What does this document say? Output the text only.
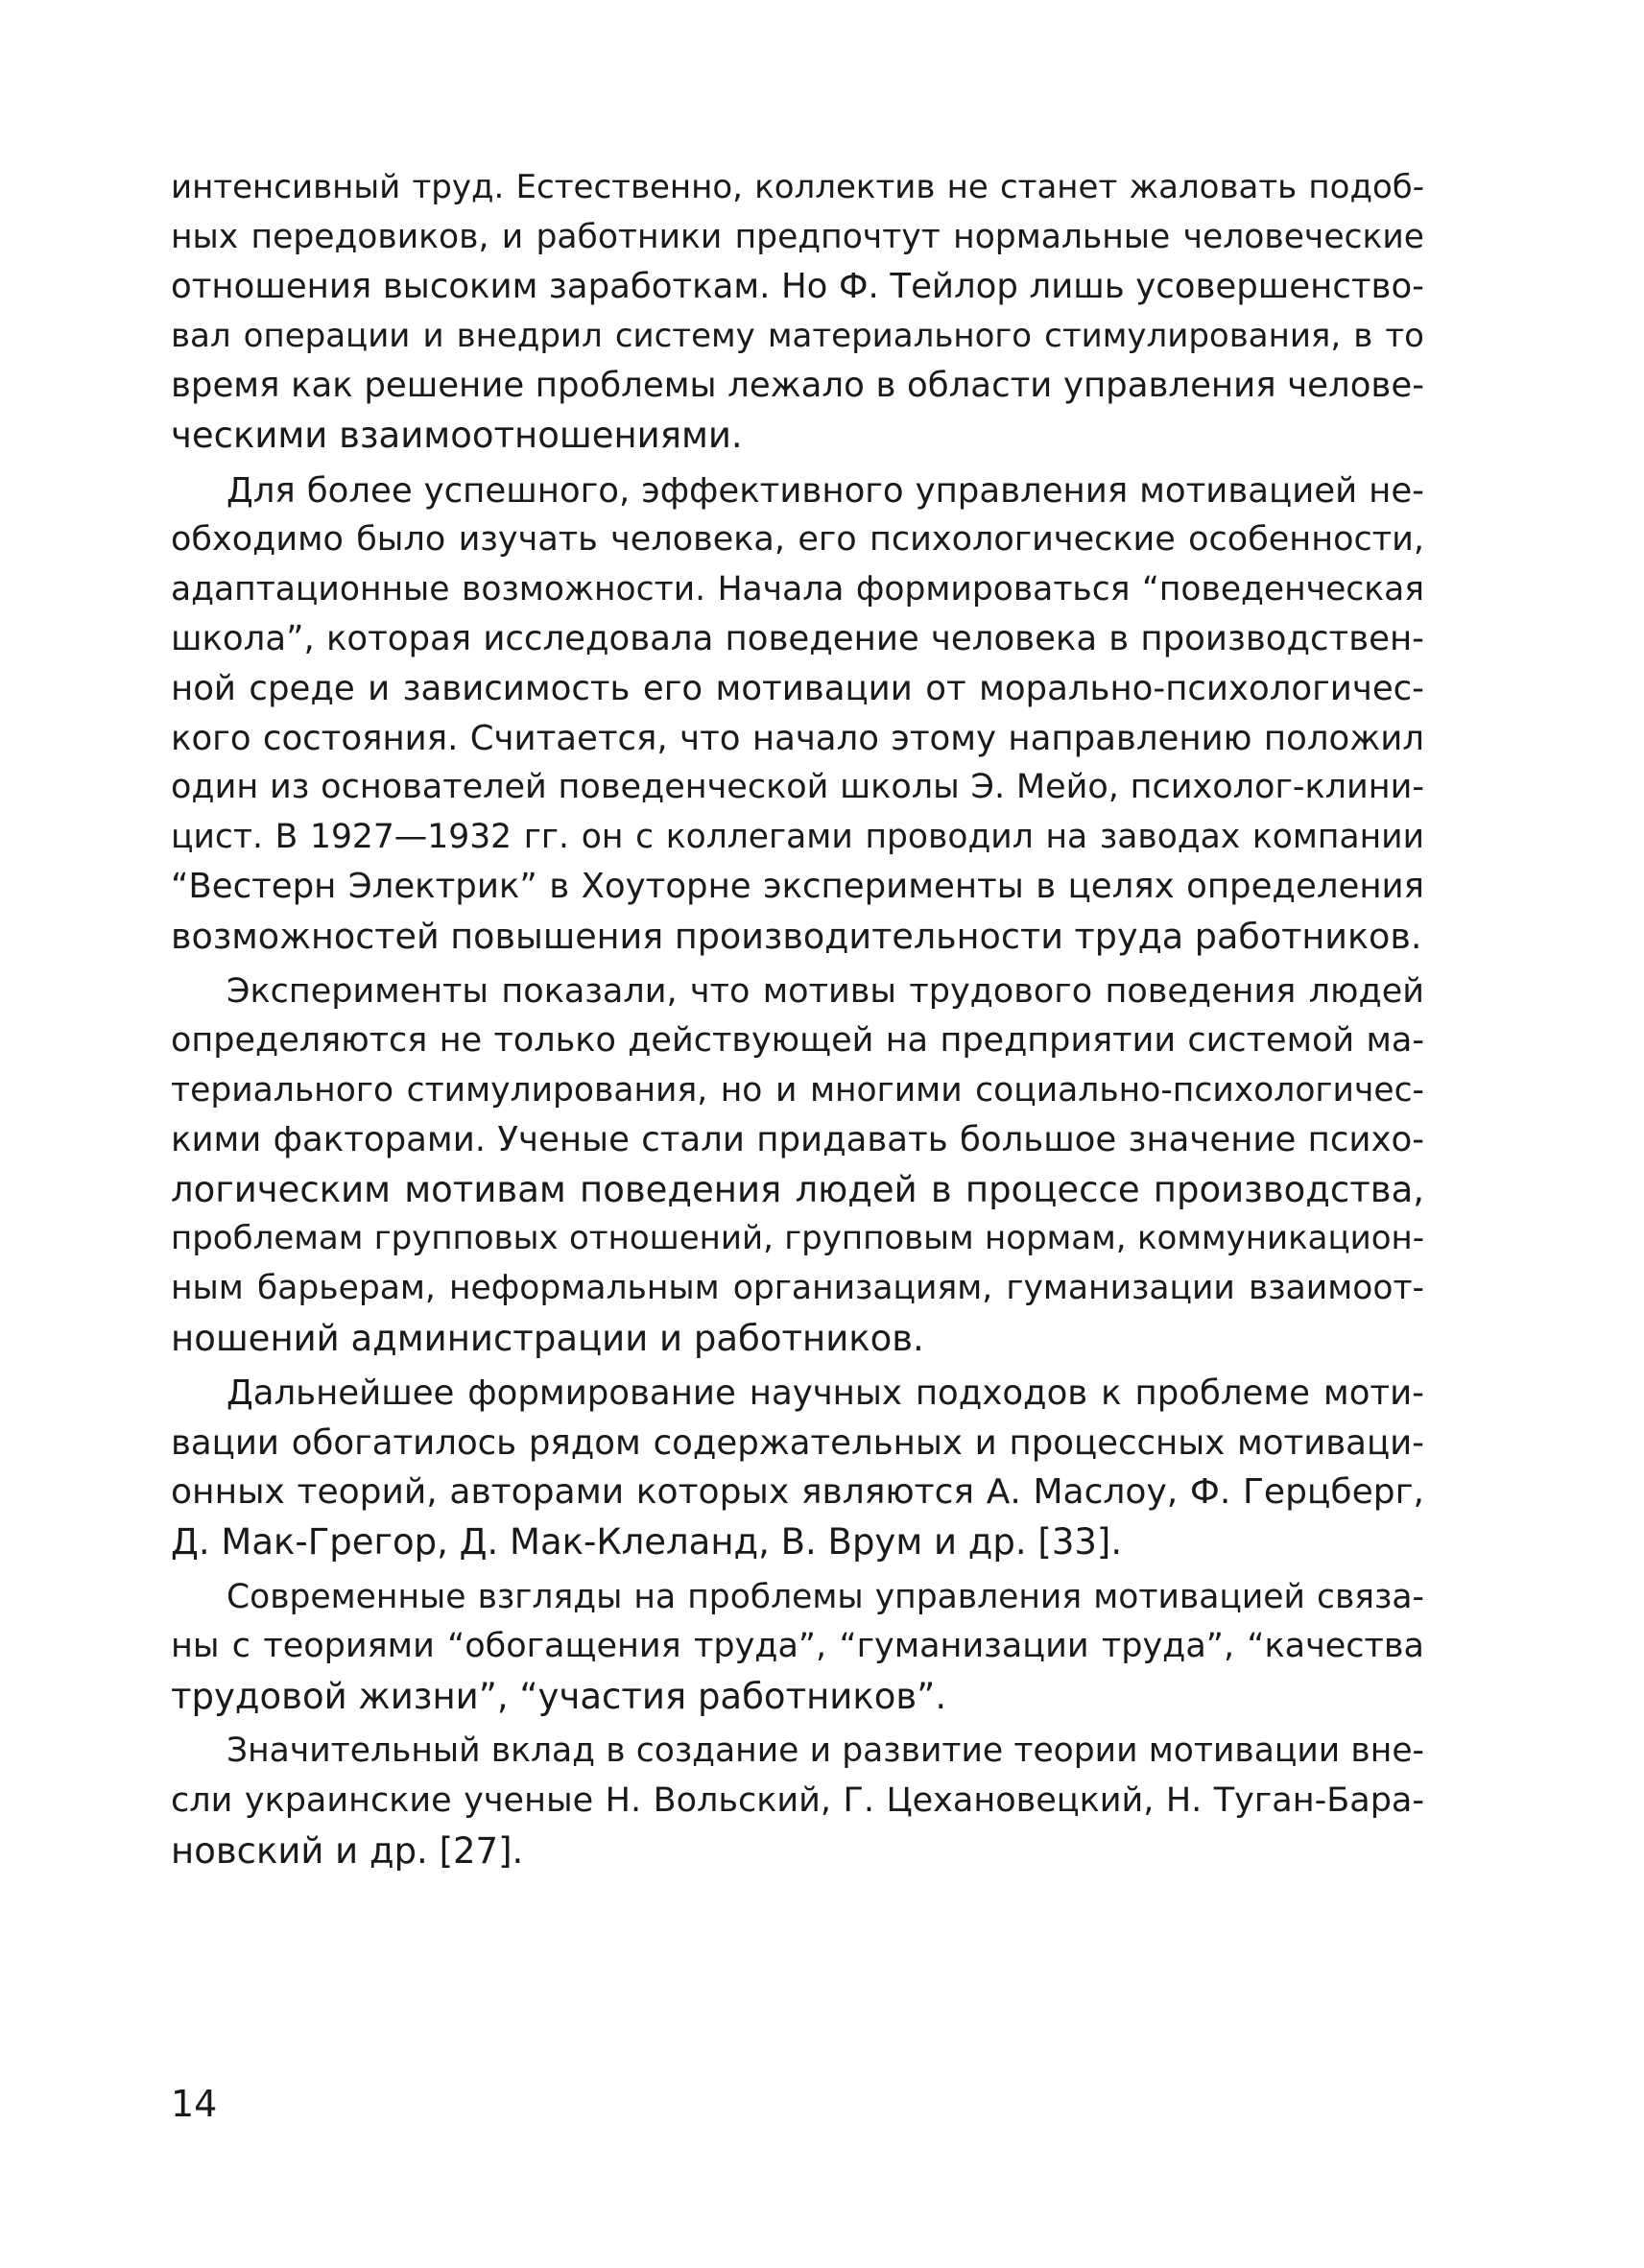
интенсивный труд. Естественно, коллектив не станет жаловать подоб-
ных передовиков, и работники предпочтут нормальные человеческие
отношения высоким заработкам. Но Ф. Тейлор лишь усовершенство-
вал операции и внедрил систему материального стимулирования, в то
время как решение проблемы лежало в области управления челове-
ческими взаимоотношениями.

Для более успешного, эффективного управления мотивацией не-
обходимо было изучать человека, его психологические особенности,
адаптационные возможности. Начала формироваться “поведенческая
школа”, которая исследовала поведение человека в производствен-
ной среде и зависимость его мотивации от морально-психологичес-
кого состояния. Считается, что начало этому направлению положил
один из основателей поведенческой школы Э. Мейо, психолог-клини-
цист. В 1927—1932 гг. он с коллегами проводил на заводах компании
“Вестерн Электрик” в Хоуторне эксперименты в целях определения
возможностей повышения производительности труда работников.

Эксперименты показали, что мотивы трудового поведения людей
определяются не только действующей на предприятии системой ма-
териального стимулирования, но и многими социально-психологичес-
кими факторами. Ученые стали придавать большое значение психо-
логическим мотивам поведения людей в процессе производства,
проблемам групповых отношений, групповым нормам, коммуникацион-
ным барьерам, неформальным организациям, гуманизации взаимоот-
ношений администрации и работников.

Дальнейшее формирование научных подходов к проблеме моти-
вации обогатилось рядом содержательных и процессных мотиваци-
онных теорий, авторами которых являются А. Маслоу, Ф. Герцберг,
Д. Мак-Грегор, Д. Мак-Клеланд, В. Врум и др. [33].

Современные взгляды на проблемы управления мотивацией связа-
ны с теориями “обогащения труда”, “гуманизации труда”, “качества
трудовой жизни”, “участия работников”.

Значительный вклад в создание и развитие теории мотивации вне-
сли украинские ученые Н. Вольский, Г. Цехановецкий, Н. Туган-Бара-
новский и др. [27].

14
